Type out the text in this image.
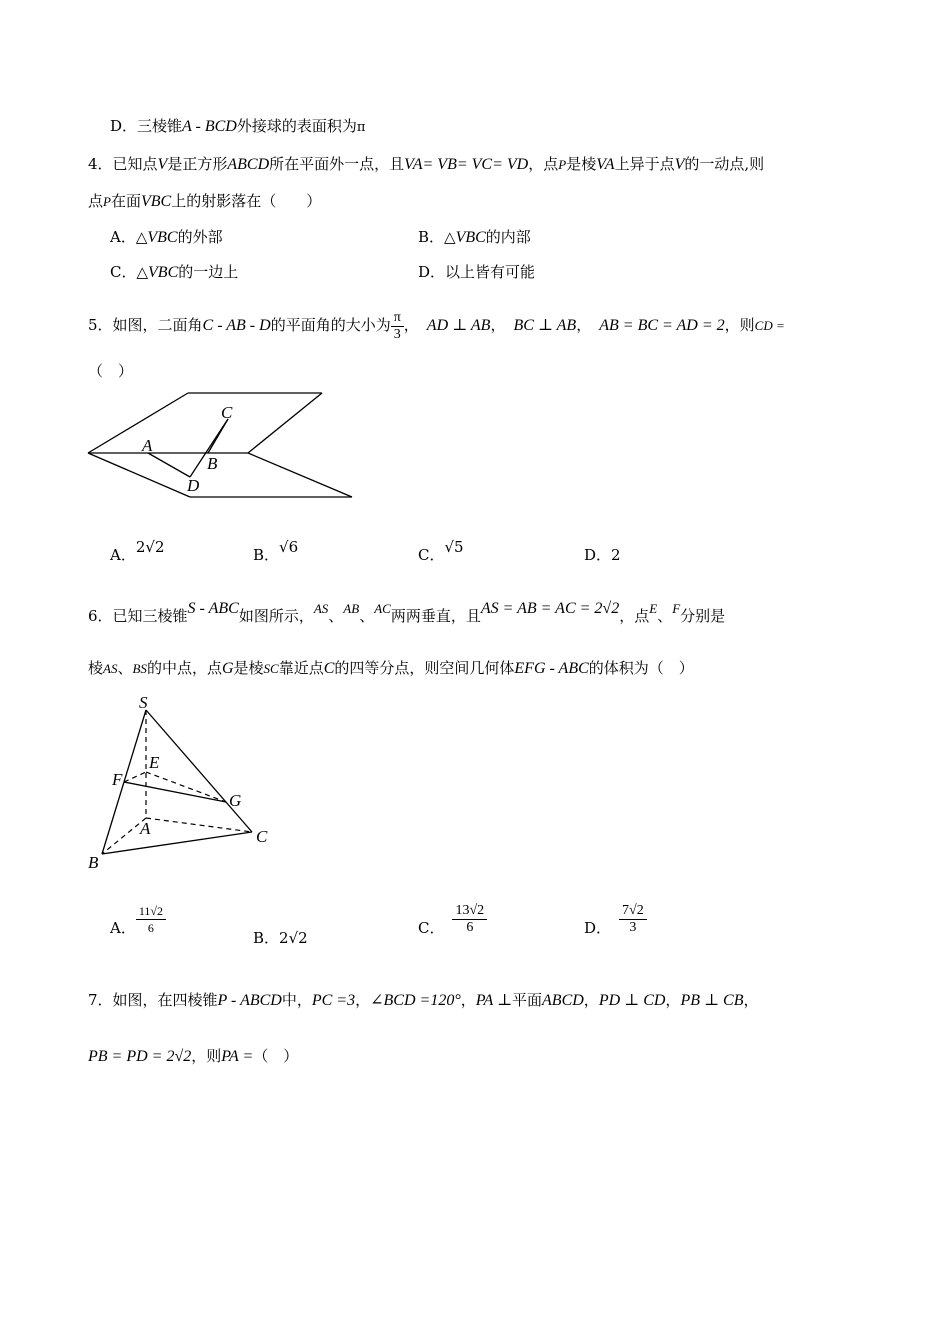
D．三棱锥A - BCD外接球的表面积为π
4．已知点V是正方形ABCD所在平面外一点，且VA= VB= VC= VD，点P是棱VA上异于点V的一动点,则
点P在面VBC上的射影落在（　　）
A．△VBC的外部	B．△VBC的内部
C．△VBC的一边上	D．以上皆有可能
5．如图，二面角C - AB - D的平面角的大小为 $\frac{\pi}{3}$ ， AD ⊥ AB， BC ⊥ AB， AB = BC = AD = 2，则CD =
（　）
A
B
C
D
A．2√2	B．√6	C．√5	D．2
6．已知三棱锥S - ABC如图所示，AS、AB、AC两两垂直，且AS = AB = AC = 2√2，点E、F分别是
棱AS、BS的中点，点G是棱SC靠近点C的四等分点，则空间几何体EFG - ABC的体积为（　）
S
E
F
G
A
B
C
A． $\frac{11√2}{6}$
B．2√2
C． $\frac{13√2}{6}$	D． $\frac{7√2}{3}$
7．如图，在四棱锥P - ABCD中，PC =3，∠BCD =120°，PA ⊥平面ABCD，PD ⊥ CD，PB ⊥ CB，
PB = PD = 2√2，则PA =（　）
